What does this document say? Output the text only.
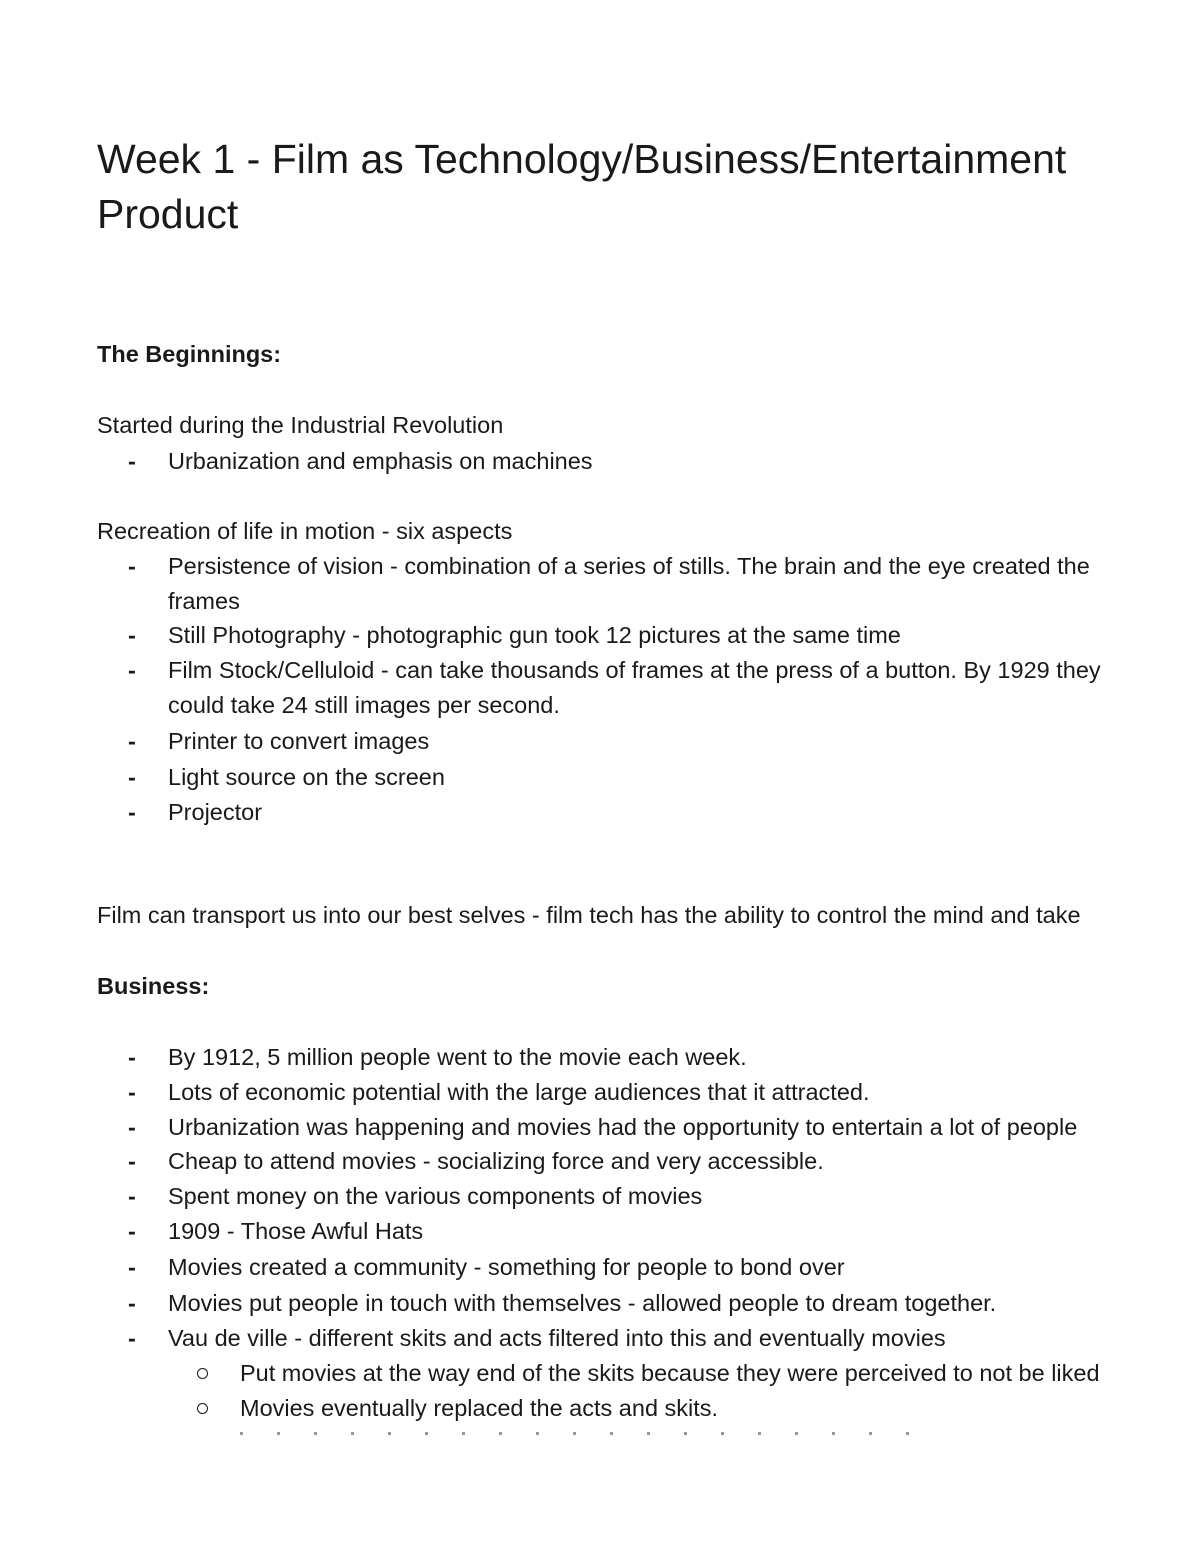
Week 1 - Film as Technology/Business/Entertainment
Product
The Beginnings:
Started during the Industrial Revolution
- Urbanization and emphasis on machines
Recreation of life in motion - six aspects
- Persistence of vision - combination of a series of stills. The brain and the eye created the
frames
- Still Photography - photographic gun took 12 pictures at the same time
- Film Stock/Celluloid - can take thousands of frames at the press of a button. By 1929 they
could take 24 still images per second.
- Printer to convert images
- Light source on the screen
- Projector
Film can transport us into our best selves - film tech has the ability to control the mind and take
Business:
- By 1912, 5 million people went to the movie each week.
- Lots of economic potential with the large audiences that it attracted.
- Urbanization was happening and movies had the opportunity to entertain a lot of people
- Cheap to attend movies - socializing force and very accessible.
- Spent money on the various components of movies
- 1909 - Those Awful Hats
- Movies created a community - something for people to bond over
- Movies put people in touch with themselves - allowed people to dream together.
- Vau de ville - different skits and acts filtered into this and eventually movies
Put movies at the way end of the skits because they were perceived to not be liked
Movies eventually replaced the acts and skits.
